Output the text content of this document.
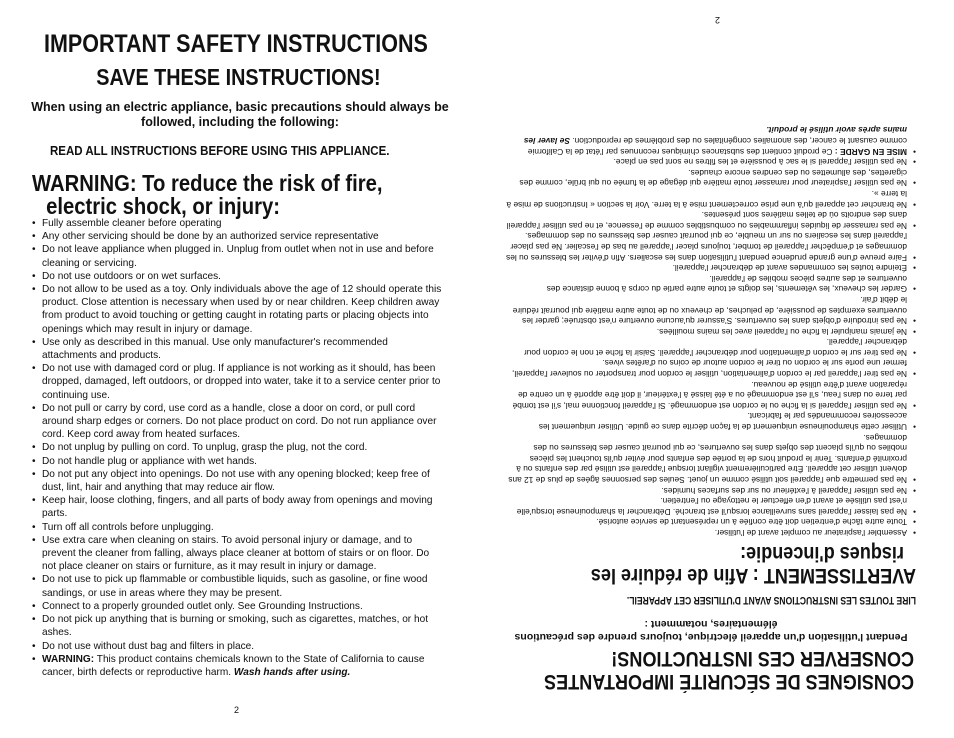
IMPORTANT SAFETY INSTRUCTIONS
SAVE THESE INSTRUCTIONS!
When using an electric appliance, basic precautions should always be followed, including the following:
READ ALL INSTRUCTIONS BEFORE USING THIS APPLIANCE.
WARNING: To reduce the risk of fire,
electric shock, or injury:
• Fully assemble cleaner before operating
• Any other servicing should be done by an authorized service representative
• Do not leave appliance when plugged in. Unplug from outlet when not in use and before cleaning or servicing.
• Do not use outdoors or on wet surfaces.
• Do not allow to be used as a toy. Only individuals above the age of 12 should operate this product. Close attention is necessary when used by or near children. Keep children away from product to avoid touching or getting caught in rotating parts or placing objects into openings which may result in injury or damage.
• Use only as described in this manual. Use only manufacturer's recommended attachments and products.
• Do not use with damaged cord or plug. If appliance is not working as it should, has been dropped, damaged, left outdoors, or dropped into water, take it to a service center prior to continuing use.
• Do not pull or carry by cord, use cord as a handle, close a door on cord, or pull cord around sharp edges or corners. Do not place product on cord. Do not run appliance over cord. Keep cord away from heated surfaces.
• Do not unplug by pulling on cord. To unplug, grasp the plug, not the cord.
• Do not handle plug or appliance with wet hands.
• Do not put any object into openings. Do not use with any opening blocked; keep free of dust, lint, hair and anything that may reduce air flow.
• Keep hair, loose clothing, fingers, and all parts of body away from openings and moving parts.
• Turn off all controls before unplugging.
• Use extra care when cleaning on stairs. To avoid personal injury or damage, and to prevent the cleaner from falling, always place cleaner at bottom of stairs or on floor. Do not place cleaner on stairs or furniture, as it may result in injury or damage.
• Do not use to pick up flammable or combustible liquids, such as gasoline, or fine wood sandings, or use in areas where they may be present.
• Connect to a properly grounded outlet only. See Grounding Instructions.
• Do not pick up anything that is burning or smoking, such as cigarettes, matches, or hot ashes.
• Do not use without dust bag and filters in place.
• WARNING: This product contains chemicals known to the State of California to cause cancer, birth defects or reproductive harm. Wash hands after using.
2
CONSIGNES DE SÉCURITÉ IMPORTANTES
CONSERVER CES INSTRUCTIONS!
Pendant l'utilisation d'un appareil électrique, toujours prendre des précautions élémentaires, notamment :
LIRE TOUTES LES INSTRUCTIONS AVANT D'UTILISER CET APPAREIL.
AVERTISSEMENT : Afin de réduire les
risques d'incendie:
• Assembler l'aspirateur au complet avant de l'utiliser.
• Toute autre tâche d'entretien doit être confiée à un représentant de service autorisé.
• Ne pas laisser l'appareil sans surveillance lorsqu'il est branché. Débrancher la shampouineuse lorsqu'elle n'est pas utilisée et avant d'en effectuer le nettoyage ou l'entretien.
• Ne pas utiliser l'appareil à l'extérieur ou sur des surfaces humides.
• Ne pas permettre que l'appareil soit utilisé comme un jouet. Seules des personnes âgées de plus de 12 ans doivent utiliser cet appareil. Être particulièrement vigilant lorsque l'appareil est utilisé par des enfants ou à proximité d'enfants. Tenir le produit hors de la portée des enfants pour éviter qu'ils touchent les pièces mobiles ou qu'ils placent des objets dans les ouvertures, ce qui pourrait causer des blessures ou des dommages.
• Utiliser cette shampouineuse uniquement de la façon décrite dans ce guide. Utiliser uniquement les accessoires recommandés par le fabricant.
• Ne pas utiliser l'appareil si la fiche ou le cordon est endommagé. Si l'appareil fonctionne mal, s'il est tombé par terre ou dans l'eau, s'il est endommagé ou a été laissé à l'extérieur, il doit être apporté à un centre de réparation avant d'être utilisé de nouveau.
• Ne pas tirer l'appareil par le cordon d'alimentation, utiliser le cordon pour transporter ou soulever l'appareil, fermer une porte sur le cordon ou tirer le cordon autour de coins ou d'arêtes vives.
• Ne pas tirer sur le cordon d'alimentation pour débrancher l'appareil. Saisir la fiche et non le cordon pour débrancher l'appareil.
• Ne jamais manipuler la fiche ou l'appareil avec les mains mouillées.
• Ne pas introduire d'objets dans les ouvertures. S'assurer qu'aucune ouverture n'est obstruée; garder les ouvertures exemptes de poussière, de peluches, de cheveux ou de toute autre matière qui pourrait réduire le débit d'air.
• Garder les cheveux, les vêtements, les doigts et toute autre partie du corps à bonne distance des ouvertures et des autres pièces mobiles de l'appareil.
• Éteindre toutes les commandes avant de débrancher l'appareil.
• Faire preuve d'une grande prudence pendant l'utilisation dans les escaliers. Afin d'éviter les blessures ou les dommages et d'empêcher l'appareil de tomber, toujours placer l'appareil au bas de l'escalier. Ne pas placer l'appareil dans les escaliers ou sur un meuble, ce qui pourrait causer des blessures ou des dommages.
• Ne pas ramasser de liquides inflammables ou combustibles comme de l'essence, et ne pas utiliser l'appareil dans des endroits où de telles matières sont présentes.
• Ne brancher cet appareil qu'à une prise correctement mise à la terre. Voir la section « Instructions de mise à la terre ».
• Ne pas utiliser l'aspirateur pour ramasser toute matière qui dégage de la fumée ou qui brûle, comme des cigarettes, des allumettes ou des cendres encore chaudes.
• Ne pas utiliser l'appareil si le sac à poussière et les filtres ne sont pas en place.
• MISE EN GARDE : Ce produit contient des substances chimiques reconnues par l'état de la Californie comme causant le cancer, des anomalies congénitales ou des problèmes de reproduction. Se laver les mains après avoir utilisé le produit.
2
